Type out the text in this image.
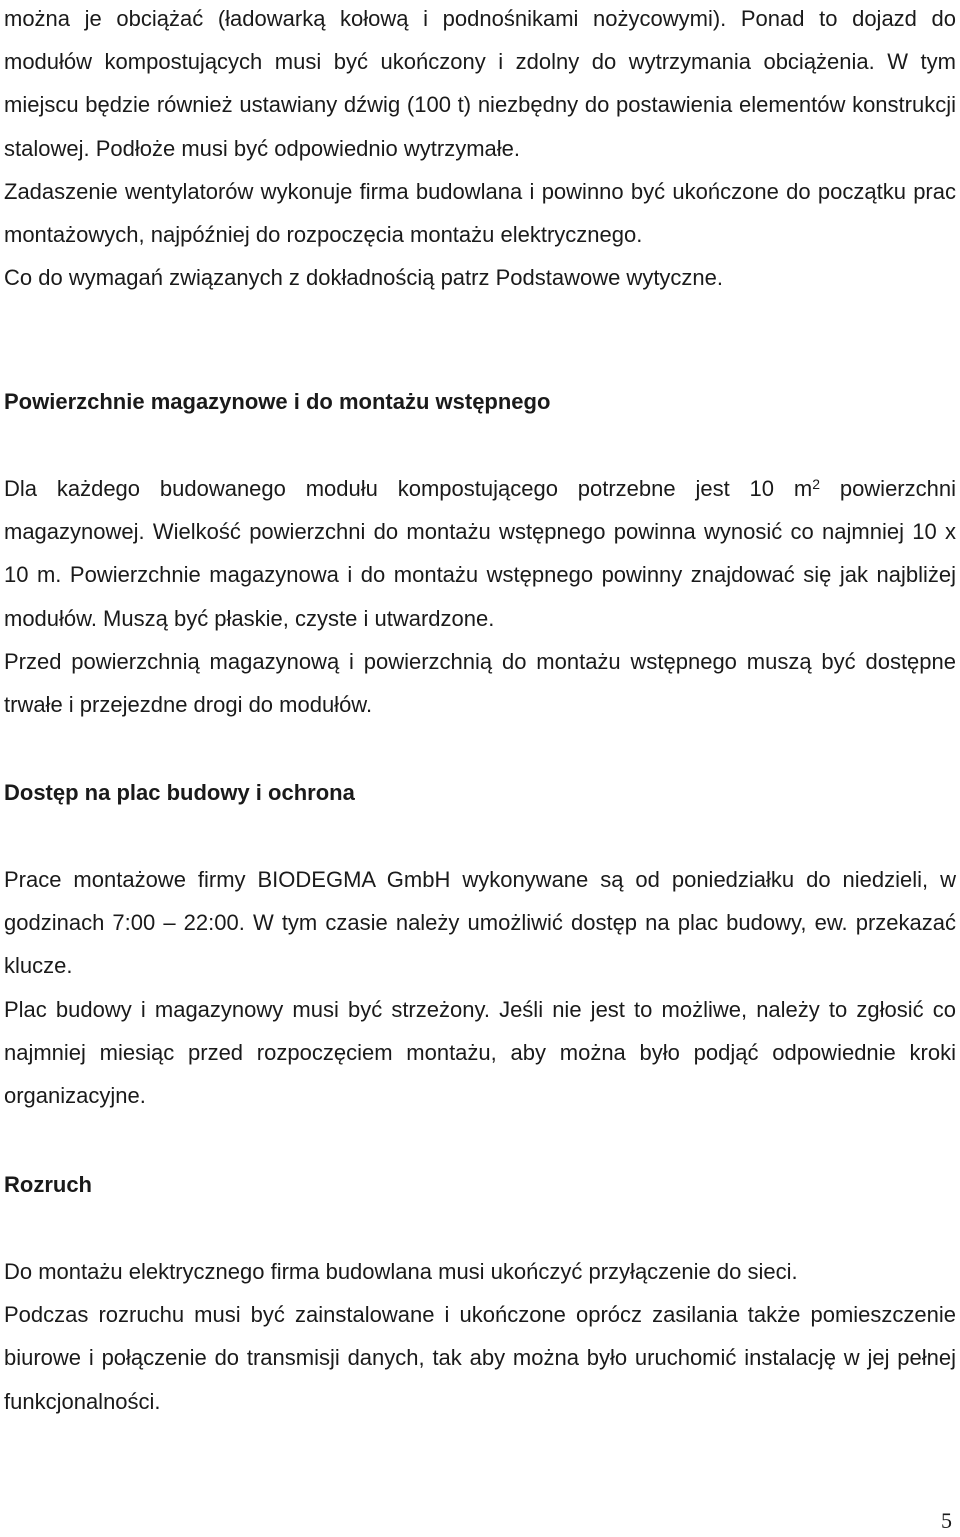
można je obciążać (ładowarką kołową i podnośnikami nożycowymi). Ponad to dojazd do modułów kompostujących musi być ukończony i zdolny do wytrzymania obciążenia. W tym miejscu będzie również ustawiany dźwig (100 t) niezbędny do postawienia elementów konstrukcji stalowej. Podłoże musi być odpowiednio wytrzymałe.
Zadaszenie wentylatorów wykonuje firma budowlana i powinno być ukończone do początku prac montażowych, najpóźniej do rozpoczęcia montażu elektrycznego.
Co do wymagań związanych z dokładnością patrz Podstawowe wytyczne.
Powierzchnie magazynowe i do montażu wstępnego
Dla każdego budowanego modułu kompostującego potrzebne jest 10 $m^2$ powierzchni magazynowej. Wielkość powierzchni do montażu wstępnego powinna wynosić co najmniej 10 x 10 m. Powierzchnie magazynowa i do montażu wstępnego powinny znajdować się jak najbliżej modułów. Muszą być płaskie, czyste i utwardzone.
Przed powierzchnią magazynową i powierzchnią do montażu wstępnego muszą być dostępne trwałe i przejezdne drogi do modułów.
Dostęp na plac budowy i ochrona
Prace montażowe firmy BIODEGMA GmbH wykonywane są od poniedziałku do niedzieli, w godzinach 7:00 – 22:00. W tym czasie należy umożliwić dostęp na plac budowy, ew. przekazać klucze.
Plac budowy i magazynowy musi być strzeżony. Jeśli nie jest to możliwe, należy to zgłosić co najmniej miesiąc przed rozpoczęciem montażu, aby można było podjąć odpowiednie kroki organizacyjne.
Rozruch
Do montażu elektrycznego firma budowlana musi ukończyć przyłączenie do sieci.
Podczas rozruchu musi być zainstalowane i ukończone oprócz zasilania także pomieszczenie biurowe i połączenie do transmisji danych, tak aby można było uruchomić instalację w jej pełnej funkcjonalności.
5
